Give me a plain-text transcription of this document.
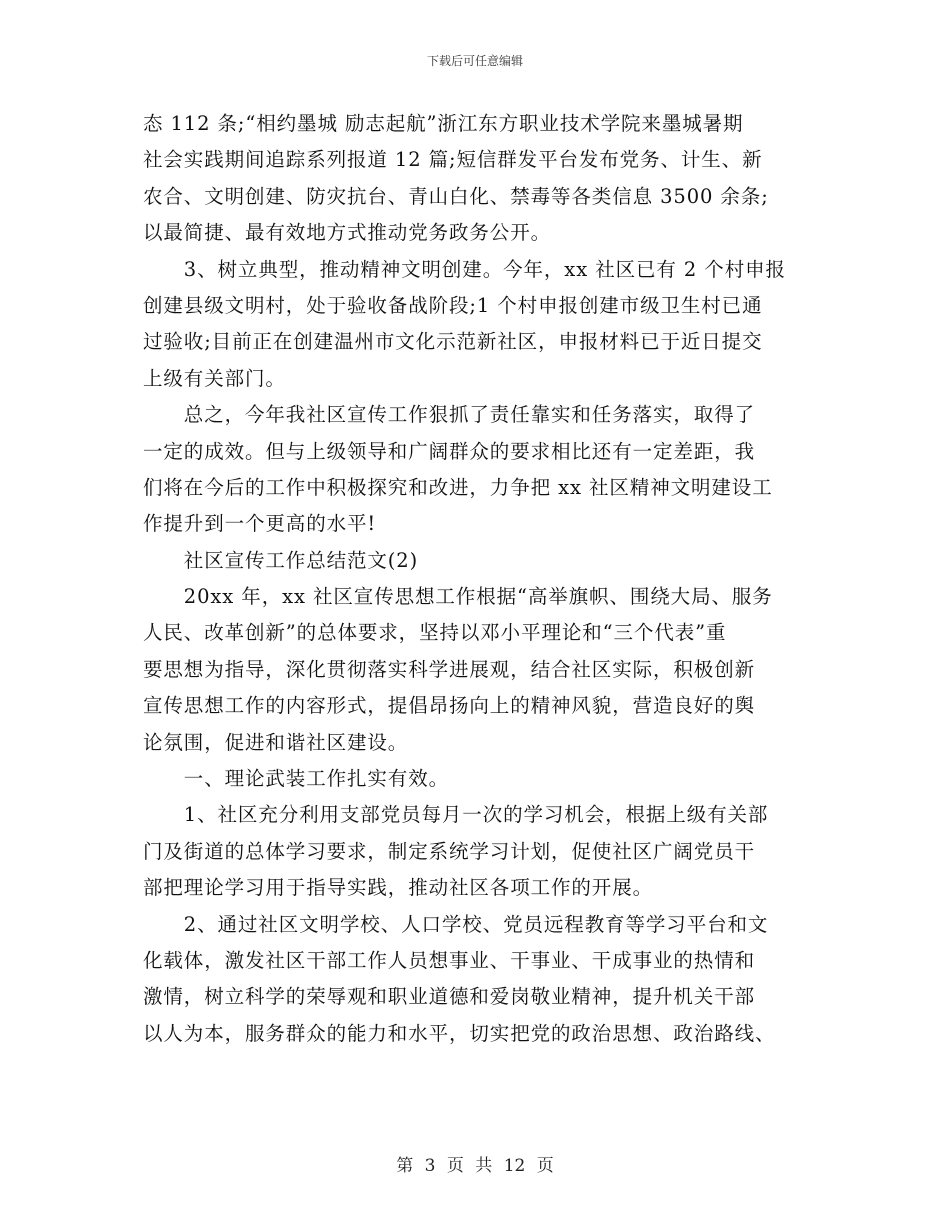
下载后可任意编辑
态 112 条;“相约墨城 励志起航”浙江东方职业技术学院来墨城暑期
社会实践期间追踪系列报道 12 篇;短信群发平台发布党务、计生、新
农合、文明创建、防灾抗台、青山白化、禁毒等各类信息 3500 余条;
以最简捷、最有效地方式推动党务政务公开。
　　3、树立典型，推动精神文明创建。今年，xx 社区已有 2 个村申报
创建县级文明村，处于验收备战阶段;1 个村申报创建市级卫生村已通
过验收;目前正在创建温州市文化示范新社区，申报材料已于近日提交
上级有关部门。
　　总之，今年我社区宣传工作狠抓了责任靠实和任务落实，取得了
一定的成效。但与上级领导和广阔群众的要求相比还有一定差距，我
们将在今后的工作中积极探究和改进，力争把 xx 社区精神文明建设工
作提升到一个更高的水平!
　　社区宣传工作总结范文(2)
　　20xx 年，xx 社区宣传思想工作根据“高举旗帜、围绕大局、服务
人民、改革创新”的总体要求，坚持以邓小平理论和“三个代表”重
要思想为指导，深化贯彻落实科学进展观，结合社区实际，积极创新
宣传思想工作的内容形式，提倡昂扬向上的精神风貌，营造良好的舆
论氛围，促进和谐社区建设。
　　一、理论武装工作扎实有效。
　　1、社区充分利用支部党员每月一次的学习机会，根据上级有关部
门及街道的总体学习要求，制定系统学习计划，促使社区广阔党员干
部把理论学习用于指导实践，推动社区各项工作的开展。
　　2、通过社区文明学校、人口学校、党员远程教育等学习平台和文
化载体，激发社区干部工作人员想事业、干事业、干成事业的热情和
激情，树立科学的荣辱观和职业道德和爱岗敬业精神，提升机关干部
以人为本，服务群众的能力和水平，切实把党的政治思想、政治路线、
第 3 页 共 12 页
